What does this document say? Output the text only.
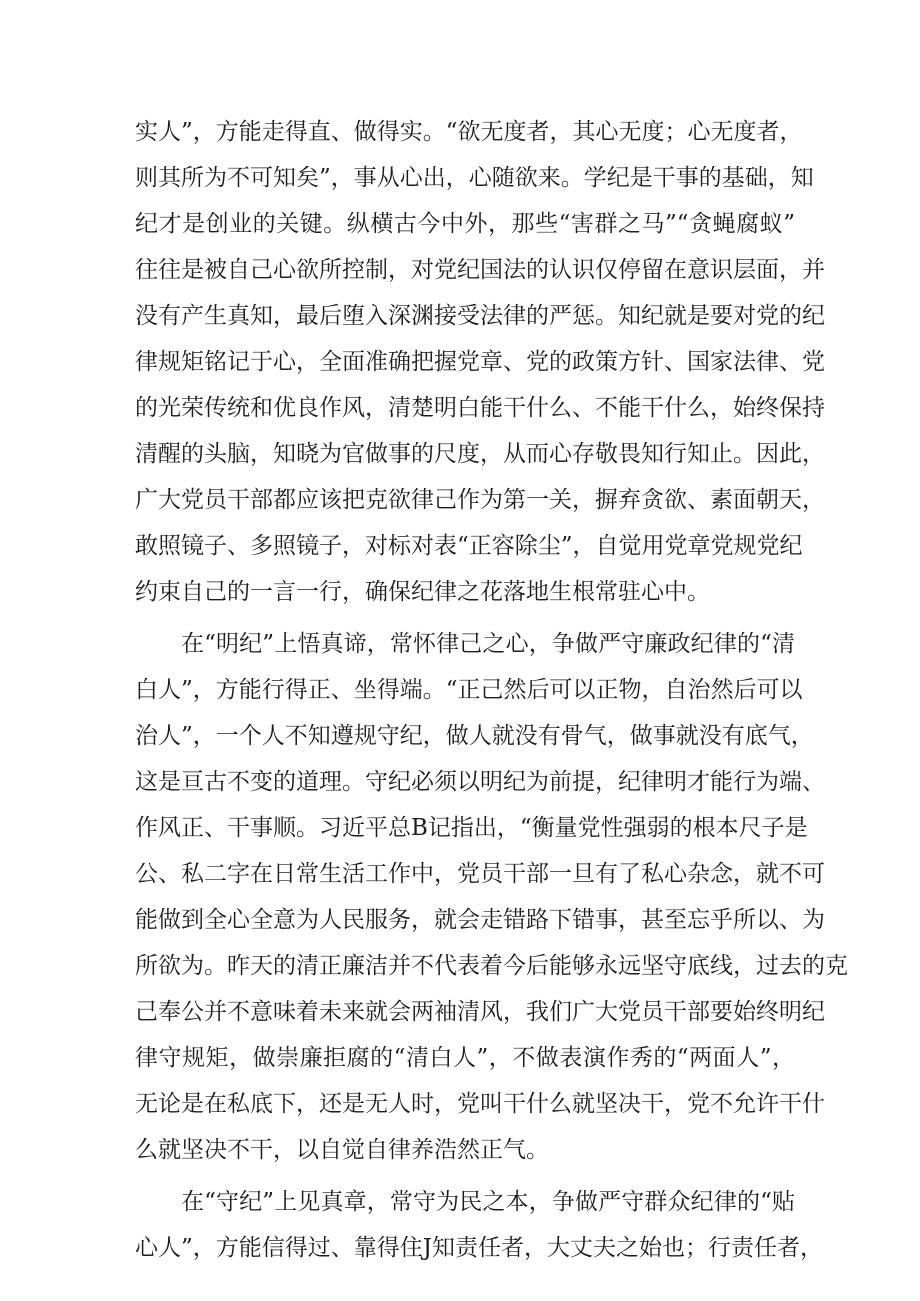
实人”，方能走得直、做得实。“欲无度者，其心无度；心无度者，
则其所为不可知矣”，事从心出，心随欲来。学纪是干事的基础，知
纪才是创业的关键。纵横古今中外，那些“害群之马”“贪蝇腐蚁”
往往是被自己心欲所控制，对党纪国法的认识仅停留在意识层面，并
没有产生真知，最后堕入深渊接受法律的严惩。知纪就是要对党的纪
律规矩铭记于心，全面准确把握党章、党的政策方针、国家法律、党
的光荣传统和优良作风，清楚明白能干什么、不能干什么，始终保持
清醒的头脑，知晓为官做事的尺度，从而心存敬畏知行知止。因此，
广大党员干部都应该把克欲律己作为第一关，摒弃贪欲、素面朝天，
敢照镜子、多照镜子，对标对表“正容除尘”，自觉用党章党规党纪
约束自己的一言一行，确保纪律之花落地生根常驻心中。
在“明纪”上悟真谛，常怀律己之心，争做严守廉政纪律的“清
白人”，方能行得正、坐得端。“正己然后可以正物，自治然后可以
治人”，一个人不知遵规守纪，做人就没有骨气，做事就没有底气，
这是亘古不变的道理。守纪必须以明纪为前提，纪律明才能行为端、
作风正、干事顺。习近平总B记指出，“衡量党性强弱的根本尺子是
公、私二字在日常生活工作中，党员干部一旦有了私心杂念，就不可
能做到全心全意为人民服务，就会走错路下错事，甚至忘乎所以、为
所欲为。昨天的清正廉洁并不代表着今后能够永远坚守底线，过去的克
己奉公并不意味着未来就会两袖清风，我们广大党员干部要始终明纪
律守规矩，做崇廉拒腐的“清白人”，不做表演作秀的“两面人”，
无论是在私底下，还是无人时，党叫干什么就坚决干，党不允许干什
么就坚决不干，以自觉自律养浩然正气。
在“守纪”上见真章，常守为民之本，争做严守群众纪律的“贴
心人”，方能信得过、靠得住J知责任者，大丈夫之始也；行责任者，
